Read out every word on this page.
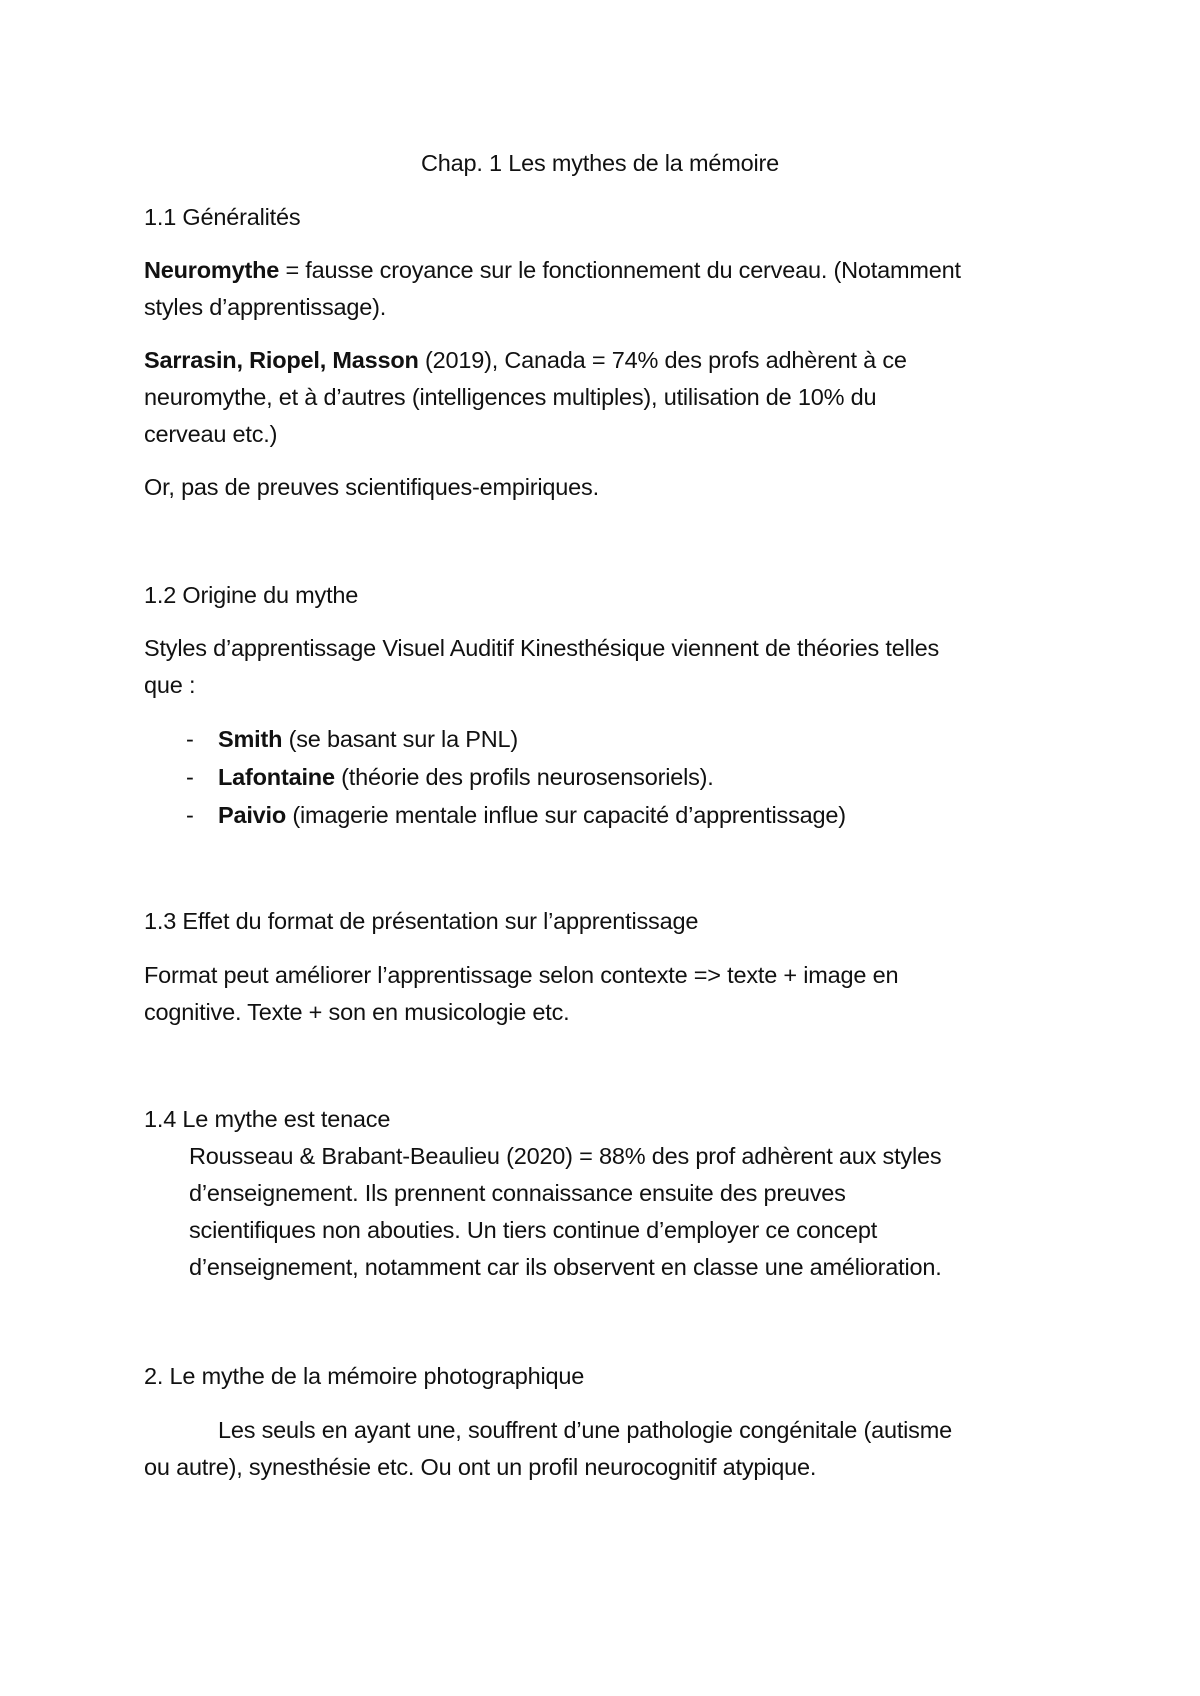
Chap. 1 Les mythes de la mémoire
1.1 Généralités
Neuromythe = fausse croyance sur le fonctionnement du cerveau. (Notamment
styles d’apprentissage).
Sarrasin, Riopel, Masson (2019), Canada = 74% des profs adhèrent à ce
neuromythe, et à d’autres (intelligences multiples), utilisation de 10% du
cerveau etc.)
Or, pas de preuves scientifiques-empiriques.
1.2 Origine du mythe
Styles d’apprentissage Visuel Auditif Kinesthésique viennent de théories telles
que :
- Smith (se basant sur la PNL)
- Lafontaine (théorie des profils neurosensoriels).
- Paivio (imagerie mentale influe sur capacité d’apprentissage)
1.3 Effet du format de présentation sur l’apprentissage
Format peut améliorer l’apprentissage selon contexte => texte + image en
cognitive. Texte + son en musicologie etc.
1.4 Le mythe est tenace
Rousseau & Brabant-Beaulieu (2020) = 88% des prof adhèrent aux styles
d’enseignement. Ils prennent connaissance ensuite des preuves
scientifiques non abouties. Un tiers continue d’employer ce concept
d’enseignement, notamment car ils observent en classe une amélioration.
2. Le mythe de la mémoire photographique
Les seuls en ayant une, souffrent d’une pathologie congénitale (autisme
ou autre), synesthésie etc. Ou ont un profil neurocognitif atypique.
